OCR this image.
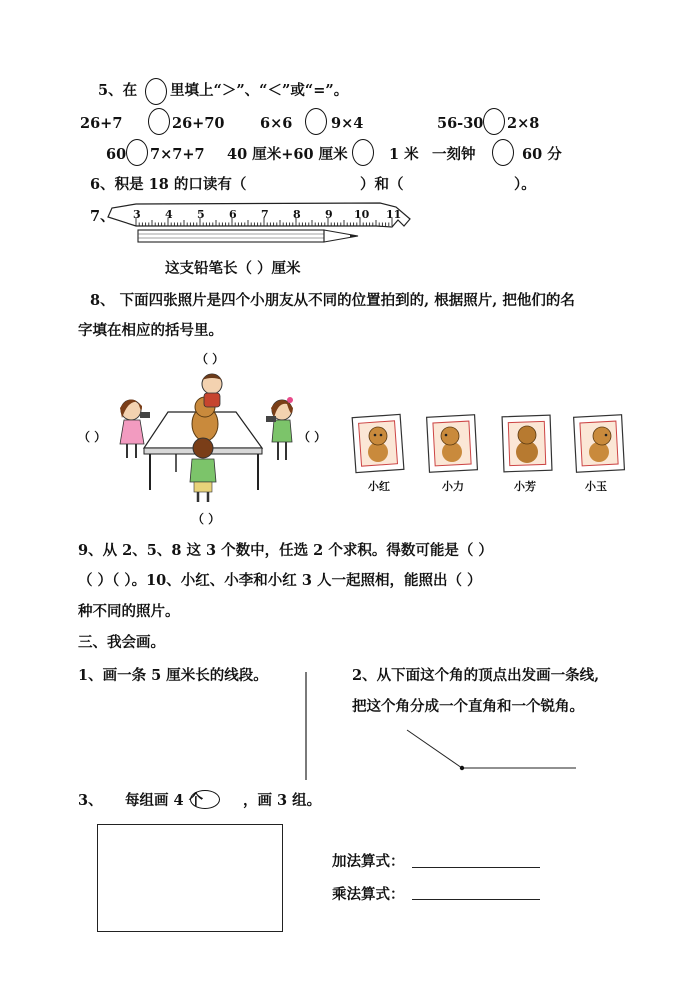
5、在 里填上“＞”、“＜”或“=”。
26+7	26+70 6×6	9×4	56-30 2×8
60 7×7+7 40 厘米+60 厘米	1 米 一刻钟	60 分
6、积是 18 的口读有（	）和（	）。
7、 3 4 5 6 7 8 9 10 11
这支铅笔长（ ）厘米
8、 下面四张照片是四个小朋友从不同的位置拍到的, 根据照片, 把他们的名
字填在相应的括号里。
（ ）
（ ）	（ ）
（ ）
小红	小力	小芳	小玉
9、从 2、5、8 这 3 个数中，任选 2 个求积。得数可能是（ ）
（ ）（ ）。10、小红、小李和小红 3 人一起照相，能照出（ ）
种不同的照片。
三、我会画。
1、画一条 5 厘米长的线段。	2、从下面这个角的顶点出发画一条线,
把这个角分成一个直角和一个锐角。
3、 每组画 4 个	，画 3 组。
加法算式：
乘法算式：
